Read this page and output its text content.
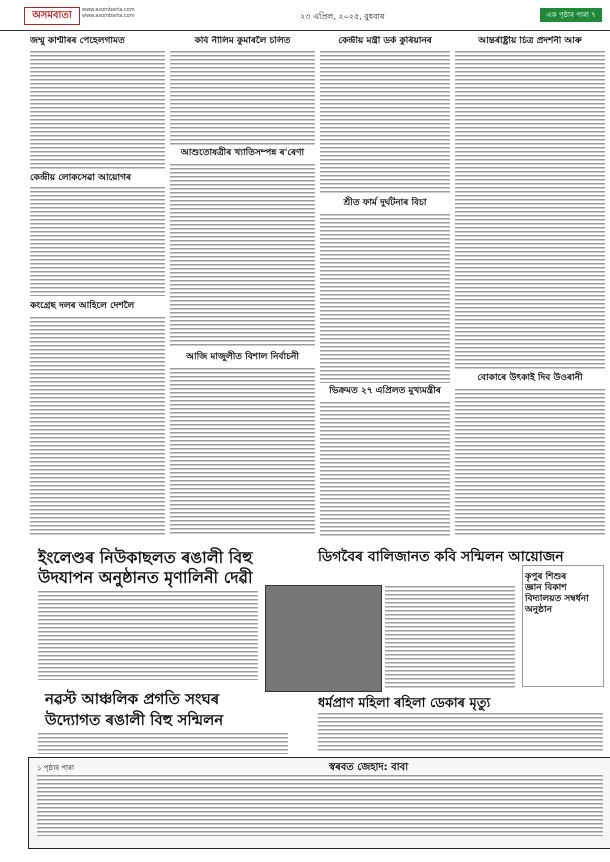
অসমবাতা	www.asombarta.com
www.asombarta.com	২৩ এপ্ৰিল, ২০২৫, বুধবাৰ	এক পৃষ্ঠাৰ পাৰা ৭
জম্মু কাশ্মীৰৰ পেহেলগামত
কেন্দ্ৰীয় লোকসেৱা আয়োগৰ
কংগ্ৰেছ দলৰ আহিলে দেশলৈ
কবি নীলিম কুমাৰলৈ চলিত
আশুতোষত্ৰীৰ খ্যাতিসম্পন্ন ৰ'ৰেণা
আজি মাজুলীত বিশাল নিৰ্বাচনী
কেন্দ্ৰীয় মন্ত্ৰী ডৰ্ক কুৰিয়ানৰ
শ্ৰীত ফাৰ্ম দুৰ্ঘটনাৰ বিচা
ভিক্ৰমত ২৭ এপ্ৰিলত মুখ্যমন্ত্ৰীৰ
আন্তৰ্ৰাষ্ট্ৰীয় চিত্ৰ প্ৰদৰ্শনী আৰু
বোকাৰে উৎকাই দিব উওৰানী
ইংলেণ্ডৰ নিউকাছলত ৰঙালী বিহু
উদযাপন অনুষ্ঠানত মৃণালিনী দেৱী
ডিগবৈৰ বালিজানত কবি সন্মিলন আয়োজন
কৃপুৰ শিশুৰ
জ্ঞান বিকাশ
বিদ্যালয়ত সম্বৰ্ধনা
অনুষ্ঠান
ধৰ্মপ্ৰাণ মহিলা ৰহিলা ডেকাৰ মৃত্যু
নৱস্ট আঞ্চলিক প্ৰগতি সংঘৰ
উদ্যোগত ৰঙালী বিহু সন্মিলন
১ পৃষ্ঠাৰ পাৰা	স্বৰবত জেহাদ: বাবা
